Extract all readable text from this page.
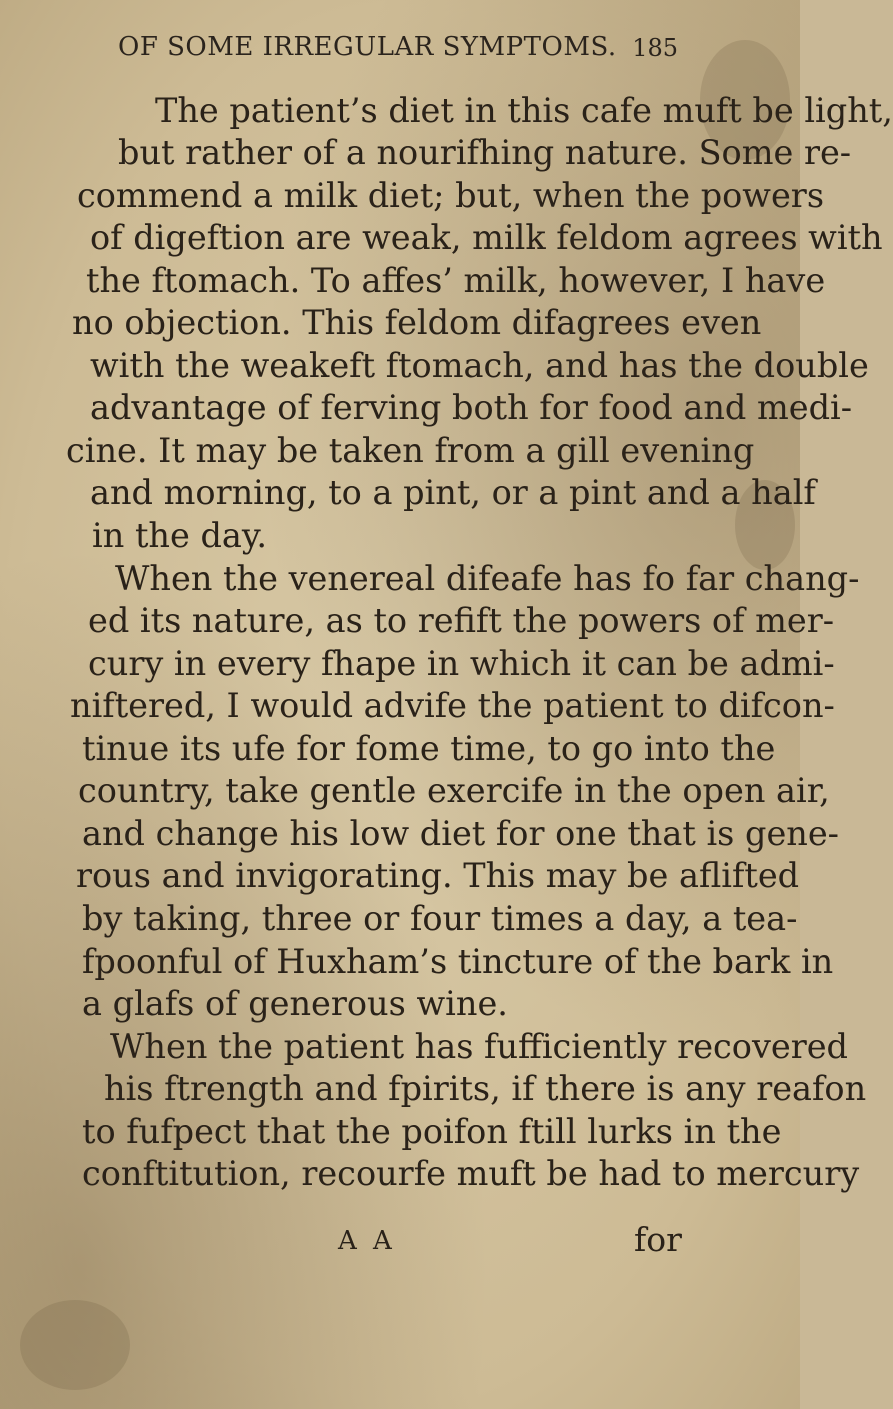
OF SOME IRREGULAR SYMPTOMS. 185
The patient’s diet in this cafe muft be light,
but rather of a nourifhing nature. Some re-
commend a milk diet; but, when the powers
of digeftion are weak, milk feldom agrees with
the ftomach. To affes’ milk, however, I have
no objection. This feldom difagrees even
with the weakeft ftomach, and has the double
advantage of ferving both for food and medi-
cine. It may be taken from a gill evening
and morning, to a pint, or a pint and a half
in the day.
When the venereal difeafe has fo far chang-
ed its nature, as to refift the powers of mer-
cury in every fhape in which it can be admi-
niftered, I would advife the patient to difcon-
tinue its ufe for fome time, to go into the
country, take gentle exercife in the open air,
and change his low diet for one that is gene-
rous and invigorating. This may be aflifted
by taking, three or four times a day, a tea-
fpoonful of Huxham’s tincture of the bark in
a glafs of generous wine.
When the patient has fufficiently recovered
his ftrength and fpirits, if there is any reafon
to fufpect that the poifon ftill lurks in the
conftitution, recourfe muft be had to mercury
A A	for
